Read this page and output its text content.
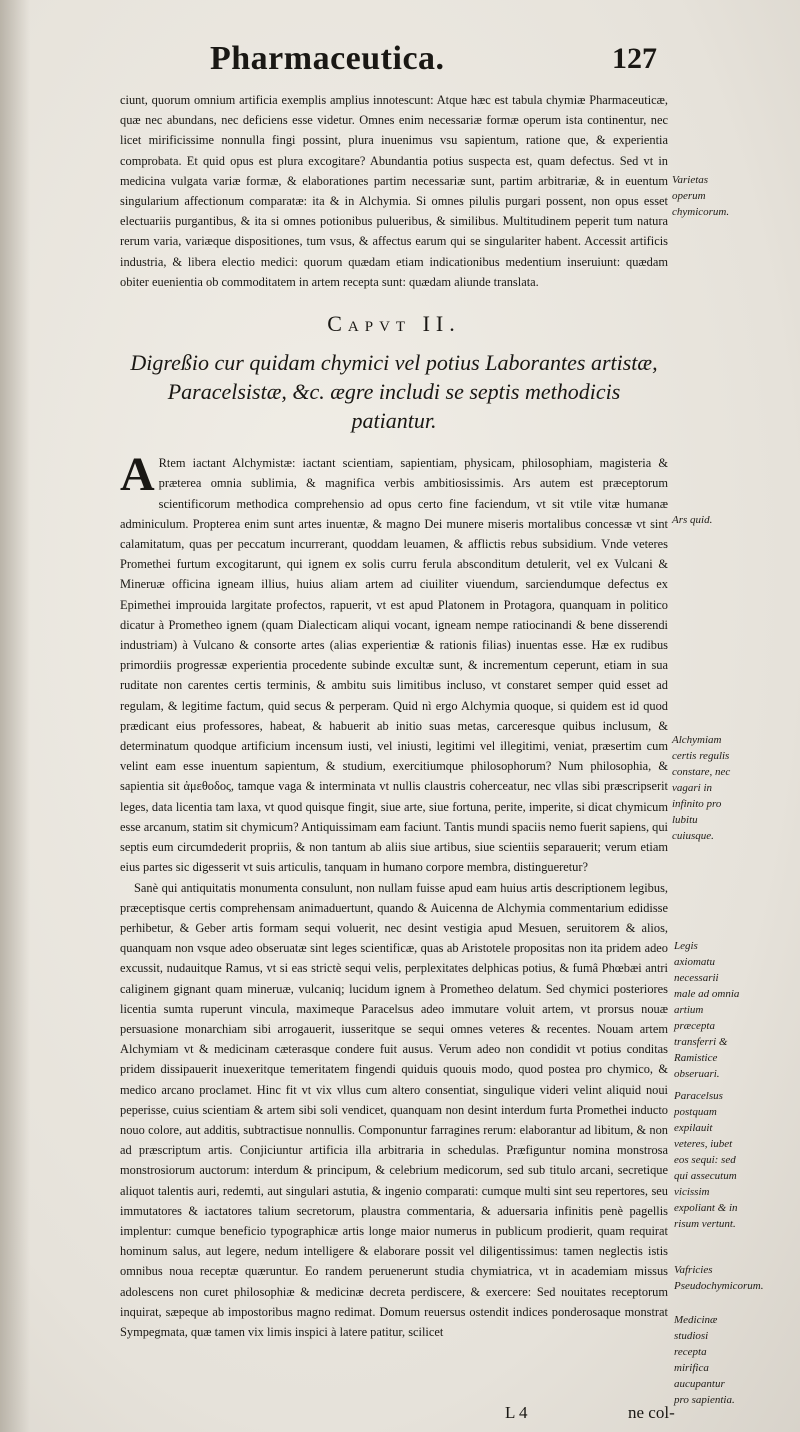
Pharmaceutica.	127

ciunt, quorum omnium artificia exemplis amplius innotescunt: Atque hæc est tabula chymiæ Pharmaceuticæ, quæ nec abundans, nec deficiens esse videtur. Omnes enim necessariæ formæ operum ista continentur, nec licet mirificissime nonnulla fingi possint, plura inuenimus vsu sapientum, ratione que, & experientia comprobata. Et quid opus est plura excogitare? Abundantia potius suspecta est, quam defectus. Sed vt in medicina vulgata variæ formæ, & elaborationes partim necessariæ sunt, partim arbitrariæ, & in euentum singularium affectionum comparatæ: ita & in Alchymia. Si omnes pilulis purgari possent, non opus esset electuariis purgantibus, & ita si omnes potionibus pulueribus, & similibus. Multitudinem peperit tum natura rerum varia, variæque dispositiones, tum vsus, & affectus earum qui se singulariter habent. Accessit artificis industria, & libera electio medici: quorum quædam etiam indicationibus medentium inseruiunt: quædam obiter euenientia ob commoditatem in artem recepta sunt: quædam aliunde translata.

Capvt II.
Digreßio cur quidam chymici vel potius Laborantes artistæ, Paracelsistæ, &c. ægre includi se septis methodicis patiantur.

A Rtem iactant Alchymistæ: iactant scientiam, sapientiam, physicam, philosophiam, magisteria & præterea omnia sublimia, & magnifica verbis ambitiosissimis. Ars autem est præceptorum scientificorum methodica comprehensio ad opus certo fine faciendum, vt sit vtile vitæ humanæ adminiculum. Propterea enim sunt artes inuentæ, & magno Dei munere miseris mortalibus concessæ vt sint calamitatum, quas per peccatum incurrerant, quoddam leuamen, & afflictis rebus subsidium. Vnde veteres Promethei furtum excogitarunt, qui ignem ex solis curru ferula absconditum detulerit, vel ex Vulcani & Mineruæ officina igneam illius, huius aliam artem ad ciuiliter viuendum, sarciendumque defectus ex Epimethei improuida largitate profectos, rapuerit, vt est apud Platonem in Protagora, quanquam in politico dicatur à Prometheo ignem (quam Dialecticam aliqui vocant, igneam nempe ratiocinandi & bene disserendi industriam) à Vulcano & consorte artes (alias experientiæ & rationis filias) inuentas esse. Hæ ex rudibus primordiis progressæ experientia procedente subinde excultæ sunt, & incrementum ceperunt, etiam in sua ruditate non carentes certis terminis, & ambitu suis limitibus incluso, vt constaret semper quid esset ad regulam, & legitime factum, quid secus & perperam. Quid nì ergo Alchymia quoque, si quidem est id quod prædicant eius professores, habeat, & habuerit ab initio suas metas, carceresque quibus inclusum, & determinatum quodque artificium incensum iusti, vel iniusti, legitimi vel illegitimi, veniat, præsertim cum velint eam esse inuentum sapientum, & studium, exercitiumque philosophorum? Num philosophia, & sapientia sit ἀμεθοδος, tamque vaga & interminata vt nullis claustris coherceatur, nec vllas sibi præscripserit leges, data licentia tam laxa, vt quod quisque fingit, siue arte, siue fortuna, perite, imperite, si dicat chymicum esse arcanum, statim sit chymicum? Antiquissimam eam faciunt. Tantis mundi spaciis nemo fuerit sapiens, qui septis eum circumdederit propriis, & non tantum ab aliis siue artibus, siue scientiis separauerit; verum etiam eius partes sic digesserit vt suis articulis, tanquam in humano corpore membra, distingueretur?

Sanè qui antiquitatis monumenta consulunt, non nullam fuisse apud eam huius artis descriptionem legibus, præceptisque certis comprehensam animaduertunt, quando & Auicenna de Alchymia commentarium edidisse perhibetur, & Geber artis formam sequi voluerit, nec desint vestigia apud Mesuen, seruitorem & alios, quanquam non vsque adeo obseruatæ sint leges scientificæ, quas ab Aristotele propositas non ita pridem adeo excussit, nudauitque Ramus, vt si eas strictè sequi velis, perplexitates delphicas potius, & fumâ Phœbæi antri caliginem gignant quam mineruæ, vulcaniq; lucidum ignem à Prometheo delatum. Sed chymici posteriores licentia sumta ruperunt vincula, maximeque Paracelsus adeo immutare voluit artem, vt prorsus nouæ persuasione monarchiam sibi arrogauerit, iusseritque se sequi omnes veteres & recentes. Nouam artem Alchymiam vt & medicinam cæterasque condere fuit ausus. Verum adeo non condidit vt potius conditas pridem dissipauerit inuexeritque temeritatem fingendi quiduis quouis modo, quod postea pro chymico, & medico arcano proclamet. Hinc fit vt vix vllus cum altero consentiat, singulique videri velint aliquid noui peperisse, cuius scientiam & artem sibi soli vendicet, quanquam non desint interdum furta Promethei inducto nouo colore, aut additis, subtractisue nonnullis. Componuntur farragines rerum: elaborantur ad libitum, & non ad præscriptum artis. Conjiciuntur artificia illa arbitraria in schedulas. Præfiguntur nomina monstrosa monstrosiorum auctorum: interdum & principum, & celebrium medicorum, sed sub titulo arcani, secretique aliquot talentis auri, redemti, aut singulari astutia, & ingenio comparati: cumque multi sint seu repertores, seu immutatores & iactatores talium secretorum, plaustra commentaria, & aduersaria infinitis penè pagellis implentur: cumque beneficio typographicæ artis longe maior numerus in publicum prodierit, quam requirat hominum salus, aut legere, nedum intelligere & elaborare possit vel diligentissimus: tamen neglectis istis omnibus noua receptæ quæruntur. Eo randem peruenerunt studia chymiatrica, vt in academiam missus adolescens non curet philosophiæ & medicinæ decreta perdiscere, & exercere: Sed nouitates receptorum inquirat, sæpeque ab impostoribus magno redimat. Domum reuersus ostendit indices ponderosaque monstrat Sympegmata, quæ tamen vix limis inspici à latere patitur, scilicet

Varietas operum chymicorum.
Ars quid.
Alchymiam certis regulis constare, nec vagari in infinito pro lubitu cuiusque.
Legis axiomatu necessarii male ad omnia artium præcepta transferri & Ramistice obseruari.
Paracelsus postquam expilauit veteres, iubet eos sequi: sed qui assecutum vicissim expoliant & in risum vertunt.
Vafricies Pseudochymicorum.
Medicinæ studiosi recepta mirifica aucupantur pro sapientia.
L 4	ne col-
